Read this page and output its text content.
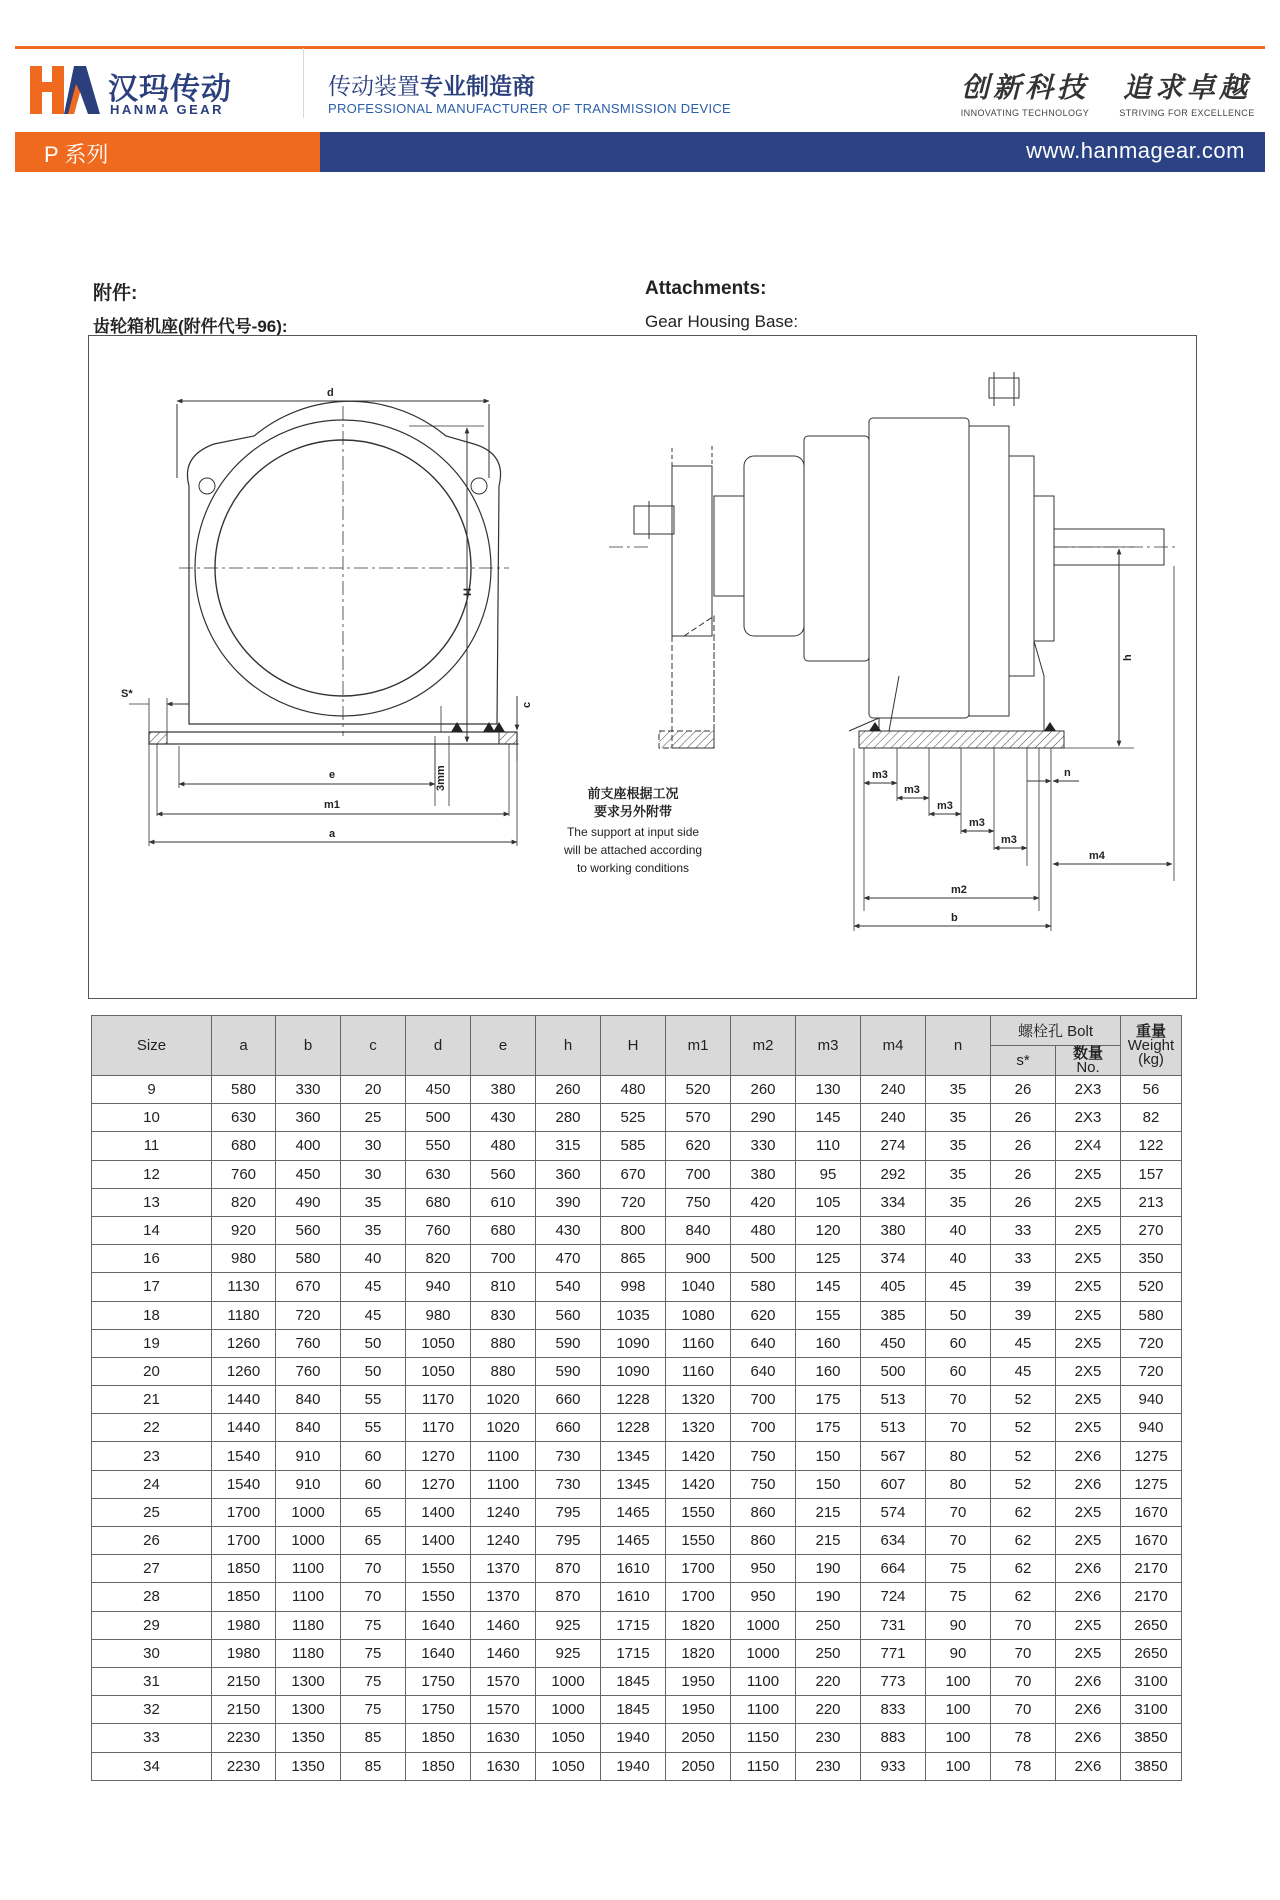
汉玛传动
HANMA GEAR
传动装置专业制造商
PROFESSIONAL MANUFACTURER OF TRANSMISSION DEVICE
创新科技
INNOVATING TECHNOLOGY
追求卓越
STRIVING FOR EXCELLENCE
P 系列	www.hanmagear.com
附件:
齿轮箱机座(附件代号-96):
Attachments:
Gear Housing Base:
d
H
c
S*
3mm
e
m1
a
前支座根据工况
要求另外附带
The support at input side
will be attached according
to working conditions
h
m3
m3
m3
m3
m3
n
m4
m2
b
Size	a	b	c	d	e	h	H	m1	m2	m3	m4	n	螺栓孔 Bolt		重量
Weight
(kg)

													s*	数量
No.	

9	580	330	20	450	380	260	480	520	260	130	240	35	26	2X3	56
10	630	360	25	500	430	280	525	570	290	145	240	35	26	2X3	82
11	680	400	30	550	480	315	585	620	330	110	274	35	26	2X4	122
12	760	450	30	630	560	360	670	700	380	95	292	35	26	2X5	157
13	820	490	35	680	610	390	720	750	420	105	334	35	26	2X5	213
14	920	560	35	760	680	430	800	840	480	120	380	40	33	2X5	270
16	980	580	40	820	700	470	865	900	500	125	374	40	33	2X5	350
17	1130	670	45	940	810	540	998	1040	580	145	405	45	39	2X5	520
18	1180	720	45	980	830	560	1035	1080	620	155	385	50	39	2X5	580
19	1260	760	50	1050	880	590	1090	1160	640	160	450	60	45	2X5	720
20	1260	760	50	1050	880	590	1090	1160	640	160	500	60	45	2X5	720
21	1440	840	55	1170	1020	660	1228	1320	700	175	513	70	52	2X5	940
22	1440	840	55	1170	1020	660	1228	1320	700	175	513	70	52	2X5	940
23	1540	910	60	1270	1100	730	1345	1420	750	150	567	80	52	2X6	1275
24	1540	910	60	1270	1100	730	1345	1420	750	150	607	80	52	2X6	1275
25	1700	1000	65	1400	1240	795	1465	1550	860	215	574	70	62	2X5	1670
26	1700	1000	65	1400	1240	795	1465	1550	860	215	634	70	62	2X5	1670
27	1850	1100	70	1550	1370	870	1610	1700	950	190	664	75	62	2X6	2170
28	1850	1100	70	1550	1370	870	1610	1700	950	190	724	75	62	2X6	2170
29	1980	1180	75	1640	1460	925	1715	1820	1000	250	731	90	70	2X5	2650
30	1980	1180	75	1640	1460	925	1715	1820	1000	250	771	90	70	2X5	2650
31	2150	1300	75	1750	1570	1000	1845	1950	1100	220	773	100	70	2X6	3100
32	2150	1300	75	1750	1570	1000	1845	1950	1100	220	833	100	70	2X6	3100
33	2230	1350	85	1850	1630	1050	1940	2050	1150	230	883	100	78	2X6	3850
34	2230	1350	85	1850	1630	1050	1940	2050	1150	230	933	100	78	2X6	3850
